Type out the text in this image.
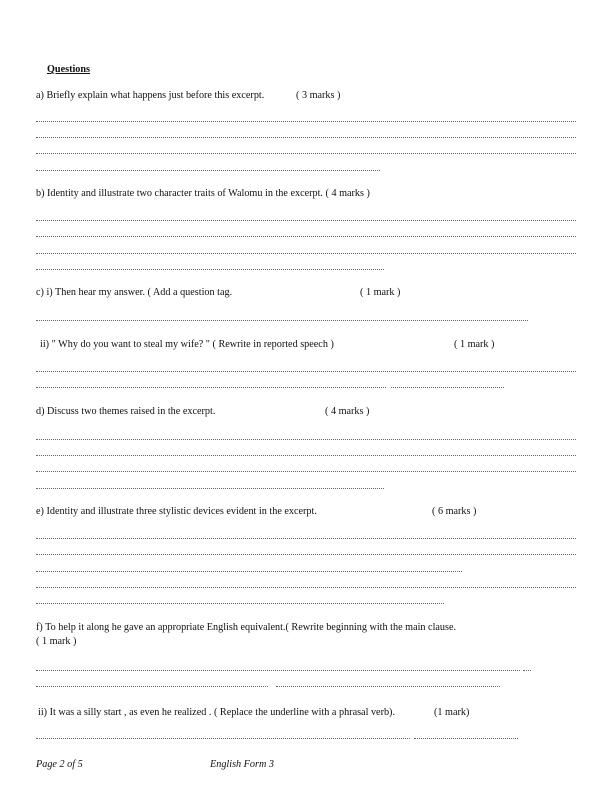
Questions
a) Briefly explain what happens just before this excerpt.	( 3 marks )
b) Identity and illustrate two character traits of Walomu in the excerpt. ( 4 marks )
c) i) Then hear my answer. ( Add a question tag.	( 1 mark )
ii) " Why do you want to steal my wife? " ( Rewrite in reported speech )	( 1 mark )
d) Discuss two themes raised in the excerpt.	( 4 marks )
e) Identity and illustrate three stylistic devices evident in the excerpt.	( 6 marks )
f) To help it along he gave an appropriate English equivalent.( Rewrite beginning with the main clause.
( 1 mark )
ii) It was a silly start , as even he realized . ( Replace the underline with a phrasal verb).	(1 mark)
Page 2 of 5	English Form 3
